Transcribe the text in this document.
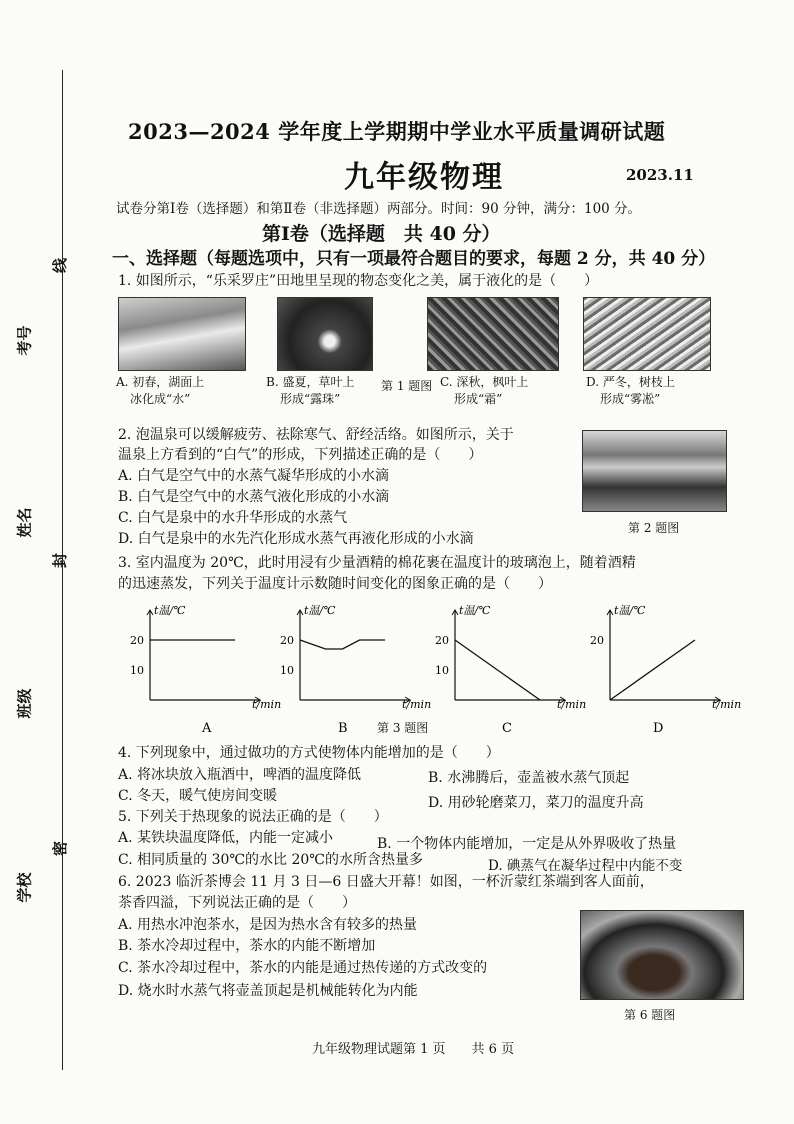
线
考号
姓名
封
班级
密
学校
2023—2024 学年度上学期期中学业水平质量调研试题
九年级物理	2023.11
试卷分第Ⅰ卷（选择题）和第Ⅱ卷（非选择题）两部分。时间：90 分钟，满分：100 分。
第Ⅰ卷（选择题　共 40 分）
一、选择题（每题选项中，只有一项最符合题目的要求，每题 2 分，共 40 分）
1. 如图所示，“乐采罗庄”田地里呈现的物态变化之美，属于液化的是（　　）
A. 初春，湖面上
冰化成“水”
B. 盛夏，草叶上
形成“露珠”
第 1 题图 C. 深秋，枫叶上
形成“霜”
D. 严冬，树枝上
形成“雾凇”
2. 泡温泉可以缓解疲劳、祛除寒气、舒经活络。如图所示，关于
温泉上方看到的“白气”的形成，下列描述正确的是（　　）
A. 白气是空气中的水蒸气凝华形成的小水滴
B. 白气是空气中的水蒸气液化形成的小水滴
C. 白气是泉中的水升华形成的水蒸气
D. 白气是泉中的水先汽化形成水蒸气再液化形成的小水滴
第 2 题图
3. 室内温度为 20℃，此时用浸有少量酒精的棉花裹在温度计的玻璃泡上，随着酒精
的迅速蒸发，下列关于温度计示数随时间变化的图象正确的是（　　）
t温/℃
t/min
10
20
A
t温/℃
t/min
10
20
B
t温/℃
t/min
10
20
C
t温/℃
t/min
20
D
第 3 题图
4. 下列现象中，通过做功的方式使物体内能增加的是（　　）
A. 将冰块放入瓶酒中，啤酒的温度降低	B. 水沸腾后，壶盖被水蒸气顶起
C. 冬天，暖气使房间变暖	D. 用砂轮磨菜刀，菜刀的温度升高
5. 下列关于热现象的说法正确的是（　　）
A. 某铁块温度降低，内能一定减小	B. 一个物体内能增加，一定是从外界吸收了热量
C. 相同质量的 30℃的水比 20℃的水所含热量多	D. 碘蒸气在凝华过程中内能不变
6. 2023 临沂茶博会 11 月 3 日—6 日盛大开幕！如图，一杯沂蒙红茶端到客人面前，
茶香四溢，下列说法正确的是（　　）
A. 用热水冲泡茶水，是因为热水含有较多的热量
B. 茶水冷却过程中，茶水的内能不断增加
C. 茶水冷却过程中，茶水的内能是通过热传递的方式改变的
D. 烧水时水蒸气将壶盖顶起是机械能转化为内能
第 6 题图
九年级物理试题第 1 页　　共 6 页
